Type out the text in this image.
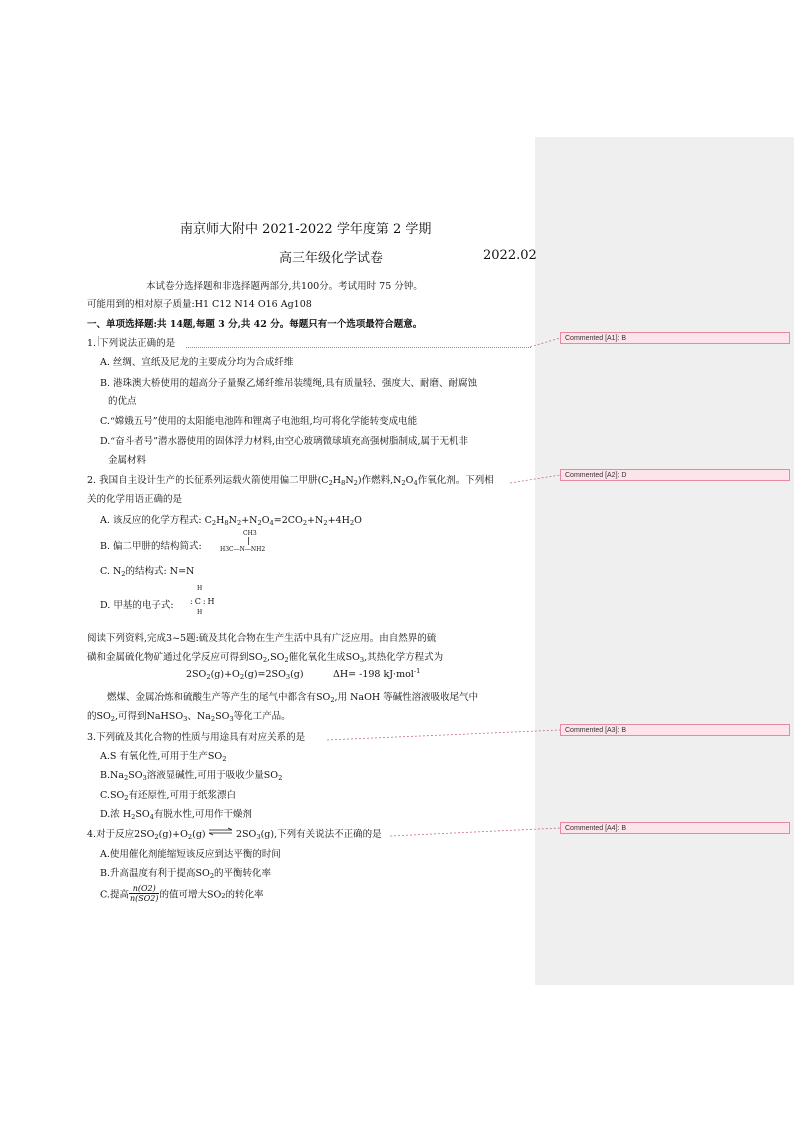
Commented [A1]: B
Commented [A2]: D
Commented [A3]: B
Commented [A4]: B
南京师大附中 2021-2022 学年度第 2 学期
高三年级化学试卷	2022.02
本试卷分选择题和非选择题两部分,共100分。考试用时 75 分钟。
可能用到的相对原子质量:H1 C12 N14 O16 Ag108
一、单项选择题:共 14题,每题 3 分,共 42 分。每题只有一个选项最符合题意。
1. 下列说法正确的是
A. 丝绸、宣纸及尼龙的主要成分均为合成纤维
B. 港珠澳大桥使用的超高分子量聚乙烯纤维吊装缆绳,具有质量轻、强度大、耐磨、耐腐蚀
的优点
C.“嫦娥五号”使用的太阳能电池阵和锂离子电池组,均可将化学能转变成电能
D.“奋斗者号”潜水器使用的固体浮力材料,由空心玻璃微球填充高强树脂制成,属于无机非
金属材料
2. 我国自主设计生产的长征系列运载火箭使用偏二甲肼$(C_2H_8N_2)$作燃料$,N_2O_4$作氧化剂。下列相
关的化学用语正确的是
A. 该反应的化学方程式: $C_2H_8N_2+N_2O_4=2CO_2+N_2+4H_2O$
B. 偏二甲肼的结构简式:
CH3
H3C—N—NH2
C. $N_2$的结构式: N=N
D. 甲基的电子式:
H
:C:H
H
阅读下列资料,完成3~5题:硫及其化合物在生产生活中具有广泛应用。由自然界的硫
磺和金属硫化物矿通过化学反应可得到$SO_2,SO_2$催化氧化生成$SO_3$,其热化学方程式为
$2SO_2(g)+O_2(g)=2SO_3(g)$	ΔH= -198 kJ·mol$^{-1}$
燃煤、金属冶炼和硫酸生产等产生的尾气中都含有$SO_2$,用 NaOH 等碱性溶液吸收尾气中
的$SO_2$,可得到NaHSO$_3$、$Na_2SO_3$等化工产品。
3.下列硫及其化合物的性质与用途具有对应关系的是
A.S 有氧化性,可用于生产$SO_2$
$B.Na_2SO_3$溶液显碱性,可用于吸收少量$SO_2$
$C.SO_2$有还原性,可用于纸浆漂白
D.浓 $H_2SO_4$有脱水性,可用作干燥剂
4.对于反应$2SO_2(g)+O_2(g)$	$2SO_3(g)$,下列有关说法不正确的是
A.使用催化剂能缩短该反应到达平衡的时间
B.升高温度有利于提高$SO_2$的平衡转化率
C.提高 $\frac{n(O2)}{n(SO2)}$ 的值可增大$SO_2$的转化率
